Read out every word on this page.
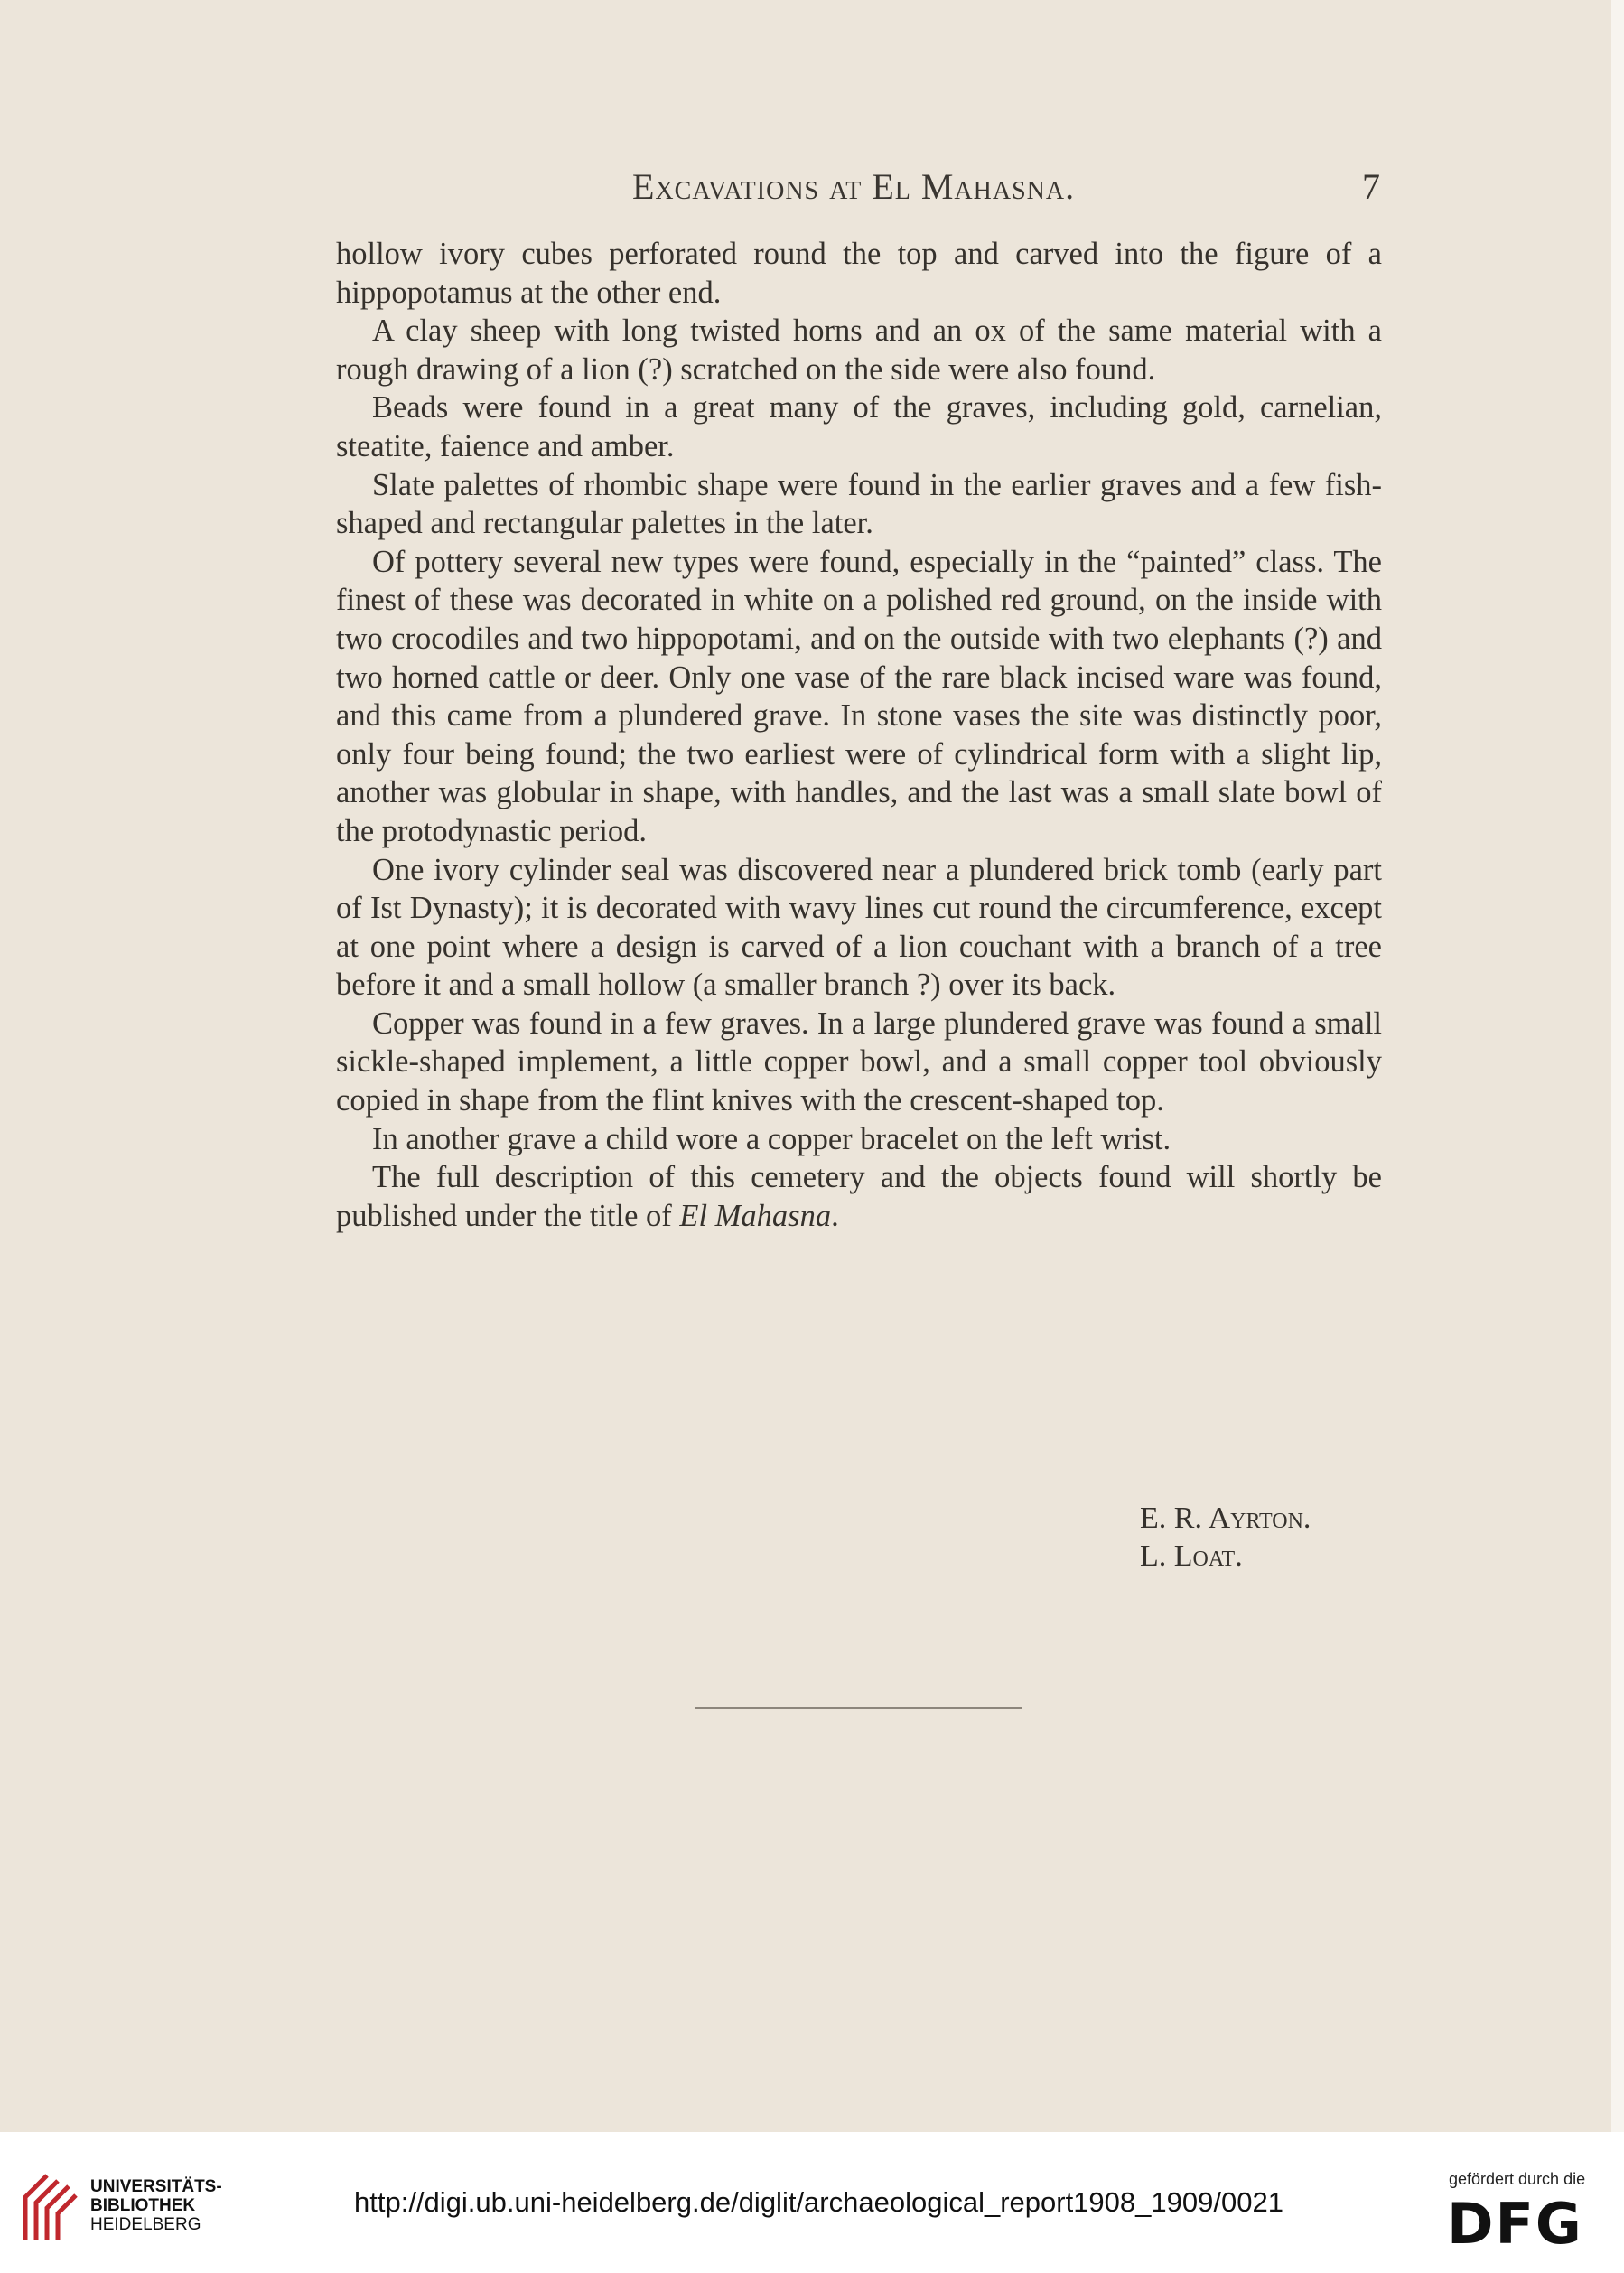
Excavations at El Mahasna.	7

hollow ivory cubes perforated round the top and carved into the figure of a hippopotamus at the other end.

A clay sheep with long twisted horns and an ox of the same material with a rough drawing of a lion (?) scratched on the side were also found.

Beads were found in a great many of the graves, including gold, carnelian, steatite, faience and amber.

Slate palettes of rhombic shape were found in the earlier graves and a few fish-shaped and rectangular palettes in the later.

Of pottery several new types were found, especially in the “painted” class. The finest of these was decorated in white on a polished red ground, on the inside with two crocodiles and two hippopotami, and on the outside with two elephants (?) and two horned cattle or deer. Only one vase of the rare black incised ware was found, and this came from a plundered grave. In stone vases the site was distinctly poor, only four being found; the two earliest were of cylindrical form with a slight lip, another was globular in shape, with handles, and the last was a small slate bowl of the protodynastic period.

One ivory cylinder seal was discovered near a plundered brick tomb (early part of Ist Dynasty); it is decorated with wavy lines cut round the circumference, except at one point where a design is carved of a lion couchant with a branch of a tree before it and a small hollow (a smaller branch ?) over its back.

Copper was found in a few graves. In a large plundered grave was found a small sickle-shaped implement, a little copper bowl, and a small copper tool obviously copied in shape from the flint knives with the crescent-shaped top.

In another grave a child wore a copper bracelet on the left wrist.

The full description of this cemetery and the objects found will shortly be published under the title of El Mahasna.

E. R. Ayrton.
L. Loat.
UNIVERSITÄTS-
BIBLIOTHEK
HEIDELBERG
http://digi.ub.uni-heidelberg.de/diglit/archaeological_report1908_1909/0021
gefördert durch die
DFG
